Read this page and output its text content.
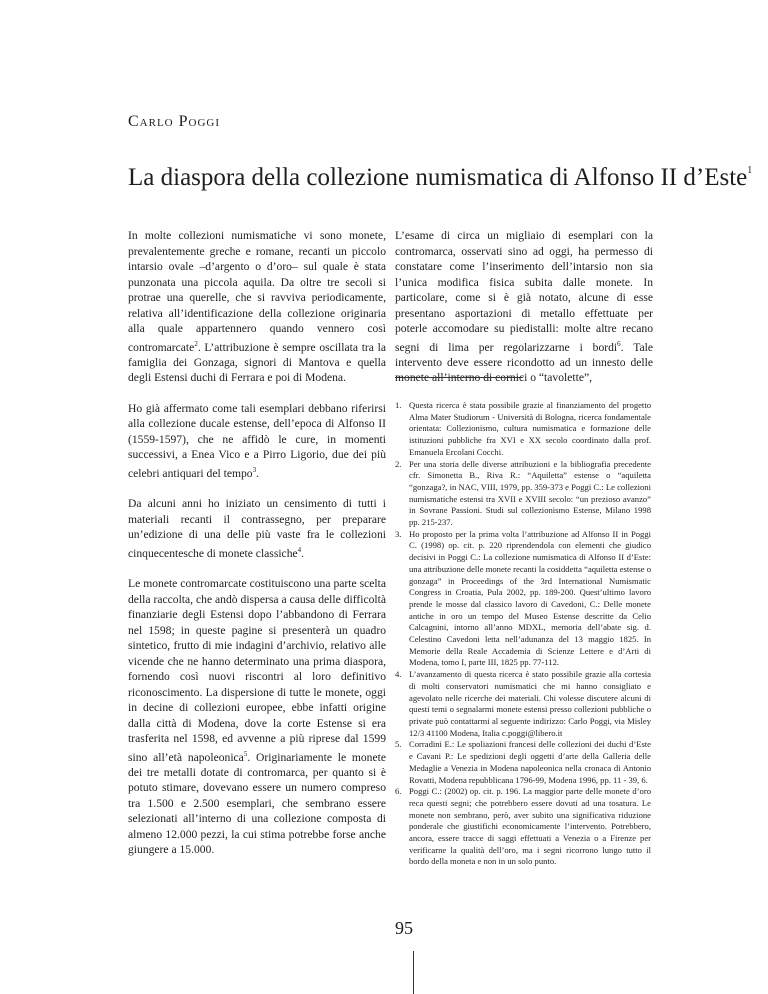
Carlo Poggi
La diaspora della collezione numismatica di Alfonso II d’Este$^1$

In molte collezioni numismatiche vi sono monete, prevalentemente greche e romane, recanti un piccolo intarsio ovale –d’argento o d’oro– sul quale è stata punzonata una piccola aquila. Da oltre tre secoli si protrae una querelle, che si ravviva periodicamente, relativa all’identificazione della collezione originaria alla quale appartennero quando vennero così contromarcate$^2$. L’attribuzione è sempre oscillata tra la famiglia dei Gonzaga, signori di Mantova e quella degli Estensi duchi di Ferrara e poi di Modena.

Ho già affermato come tali esemplari debbano riferirsi alla collezione ducale estense, dell’epoca di Alfonso II (1559-1597), che ne affidò le cure, in momenti successivi, a Enea Vico e a Pirro Ligorio, due dei più celebri antiquari del tempo$^3$.

Da alcuni anni ho iniziato un censimento di tutti i materiali recanti il contrassegno, per preparare un’edizione di una delle più vaste fra le collezioni cinquecentesche di monete classiche$^4$.

Le monete contromarcate costituiscono una parte scelta della raccolta, che andò dispersa a causa delle difficoltà finanziarie degli Estensi dopo l’abbandono di Ferrara nel 1598; in queste pagine si presenterà un quadro sintetico, frutto di mie indagini d’archivio, relativo alle vicende che ne hanno determinato una prima diaspora, fornendo così nuovi riscontri al loro definitivo riconoscimento. La dispersione di tutte le monete, oggi in decine di collezioni europee, ebbe infatti origine dalla città di Modena, dove la corte Estense si era trasferita nel 1598, ed avvenne a più riprese dal 1599 sino all’età napoleonica$^5$. Originariamente le monete dei tre metalli dotate di contromarca, per quanto si è potuto stimare, dovevano essere un numero compreso tra 1.500 e 2.500 esemplari, che sembrano essere selezionati all’interno di una collezione composta di almeno 12.000 pezzi, la cui stima potrebbe forse anche giungere a 15.000.

L’esame di circa un migliaio di esemplari con la contromarca, osservati sino ad oggi, ha permesso di constatare come l’inserimento dell’intarsio non sia l’unica modifica fisica subita dalle monete. In particolare, come si è già notato, alcune di esse presentano asportazioni di metallo effettuate per poterle accomodare su piedistalli: molte altre recano segni di lima per regolarizzarne i bordi$^6$. Tale intervento deve essere ricondotto ad un innesto delle monete all’interno di cornici o “tavolette”,

1. Questa ricerca è stata possibile grazie al finanziamento del progetto Alma Mater Studiorum - Università di Bologna, ricerca fondamentale orientata: Collezionismo, cultura numismatica e formazione delle istituzioni pubbliche fra XVI e XX secolo coordinato dalla prof. Emanuela Ercolani Cocchi.
2. Per una storia delle diverse attribuzioni e la bibliografia precedente cfr. Simonetta B., Riva R.: “Aquiletta” estense o “aquiletta “gonzaga?, in NAC, VIII, 1979, pp. 359-373 e Poggi C.: Le collezioni numismatiche estensi tra XVII e XVIII secolo: “un prezioso avanzo” in Sovrane Passioni. Studi sul collezionismo Estense, Milano 1998 pp. 215-237.
3. Ho proposto per la prima volta l’attribuzione ad Alfonso II in Poggi C. (1998) op. cit. p. 220 riprendendola con elementi che giudico decisivi in Poggi C.: La collezione numismatica di Alfonso II d’Este: una attribuzione delle monete recanti la cosiddetta “aquiletta estense o gonzaga” in Proceedings of the 3rd International Numismatic Congress in Croatia, Pula 2002, pp. 189-200. Quest’ultimo lavoro prende le mosse dal classico lavoro di Cavedoni, C.: Delle monete antiche in oro un tempo del Museo Estense descritte da Celio Calcagnini, intorno all’anno MDXL, memoria dell’abate sig. d. Celestino Cavedoni letta nell’adunanza del 13 maggio 1825. In Memorie della Reale Accademia di Scienze Lettere e d’Arti di Modena, tomo I, parte III, 1825 pp. 77-112.
4. L’avanzamento di questa ricerca è stato possibile grazie alla cortesia di molti conservatori numismatici che mi hanno consigliato e agevolato nelle ricerche dei materiali. Chi volesse discutere alcuni di questi temi o segnalarmi monete estensi presso collezioni pubbliche o private può contattarmi al seguente indirizzo: Carlo Poggi, via Misley 12/3 41100 Modena, Italia c.poggi@libero.it
5. Corradini E.: Le spoliazioni francesi delle collezioni dei duchi d’Este e Cavani P.: Le spedizioni degli oggetti d’arte della Galleria delle Medaglie a Venezia in Modena napoleonica nella cronaca di Antonio Rovatti, Modena repubblicana 1796-99, Modena 1996, pp. 11 - 39, 6.
6. Poggi C.: (2002) op. cit. p. 196. La maggior parte delle monete d’oro reca questi segni; che potrebbero essere dovuti ad una tosatura. Le monete non sembrano, però, aver subito una significativa riduzione ponderale che giustifichi economicamente l’intervento. Potrebbero, ancora, essere tracce di saggi effettuati a Venezia o a Firenze per verificarne la qualità dell’oro, ma i segni ricorrono lungo tutto il bordo della moneta e non in un solo punto.
95
